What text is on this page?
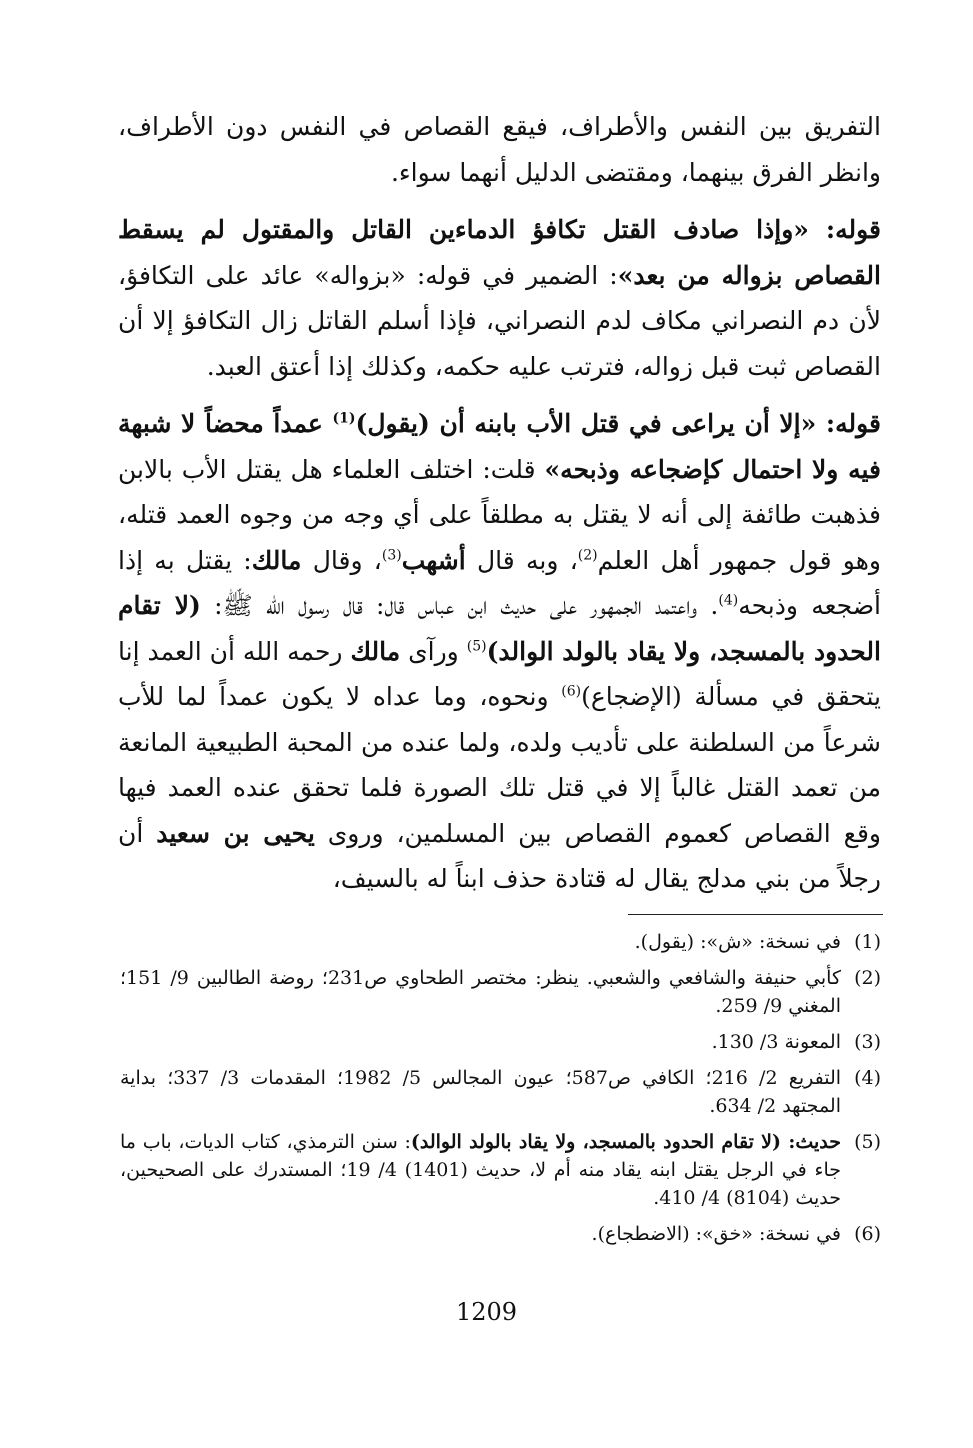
التفريق بين النفس والأطراف، فيقع القصاص في النفس دون الأطراف، وانظر الفرق بينهما، ومقتضى الدليل أنهما سواء.

قوله: «وإذا صادف القتل تكافؤ الدماءين القاتل والمقتول لم يسقط القصاص بزواله من بعد»: الضمير في قوله: «بزواله» عائد على التكافؤ، لأن دم النصراني مكاف لدم النصراني، فإذا أسلم القاتل زال التكافؤ إلا أن القصاص ثبت قبل زواله، فترتب عليه حكمه، وكذلك إذا أعتق العبد.

قوله: «إلا أن يراعى في قتل الأب بابنه أن (يقول)$^{(1)}$ عمداً محضاً لا شبهة فيه ولا احتمال كإضجاعه وذبحه» قلت: اختلف العلماء هل يقتل الأب بالابن فذهبت طائفة إلى أنه لا يقتل به مطلقاً على أي وجه من وجوه العمد قتله، وهو قول جمهور أهل العلم$^{(2)}$، وبه قال أشهب$^{(3)}$، وقال مالك: يقتل به إذا أضجعه وذبحه$^{(4)}$. واعتمد الجمهور على حديث ابن عباس قال: قال رسول الله ﷺ: (لا تقام الحدود بالمسجد، ولا يقاد بالولد الوالد)$^{(5)}$ ورآى مالك رحمه الله أن العمد إنا يتحقق في مسألة (الإضجاع)$^{(6)}$ ونحوه، وما عداه لا يكون عمداً لما للأب شرعاً من السلطنة على تأديب ولده، ولما عنده من المحبة الطبيعية المانعة من تعمد القتل غالباً إلا في قتل تلك الصورة فلما تحقق عنده العمد فيها وقع القصاص كعموم القصاص بين المسلمين، وروى يحيى بن سعيد أن رجلاً من بني مدلج يقال له قتادة حذف ابناً له بالسيف،

(1)
في نسخة: «ش»: (يقول).
(2)
كأبي حنيفة والشافعي والشعبي. ينظر: مختصر الطحاوي ص231؛ روضة الطالبين 9/ 151؛ المغني 9/ 259.
(3)
المعونة 3/ 130.
(4)
التفريع 2/ 216؛ الكافي ص587؛ عيون المجالس 5/ 1982؛ المقدمات 3/ 337؛ بداية المجتهد 2/ 634.
(5)
حديث: (لا تقام الحدود بالمسجد، ولا يقاد بالولد الوالد): سنن الترمذي، كتاب الديات، باب ما جاء في الرجل يقتل ابنه يقاد منه أم لا، حديث (1401) 4/ 19؛ المستدرك على الصحيحين، حديث (8104) 4/ 410.
(6)
في نسخة: «خق»: (الاضطجاع).
1209
